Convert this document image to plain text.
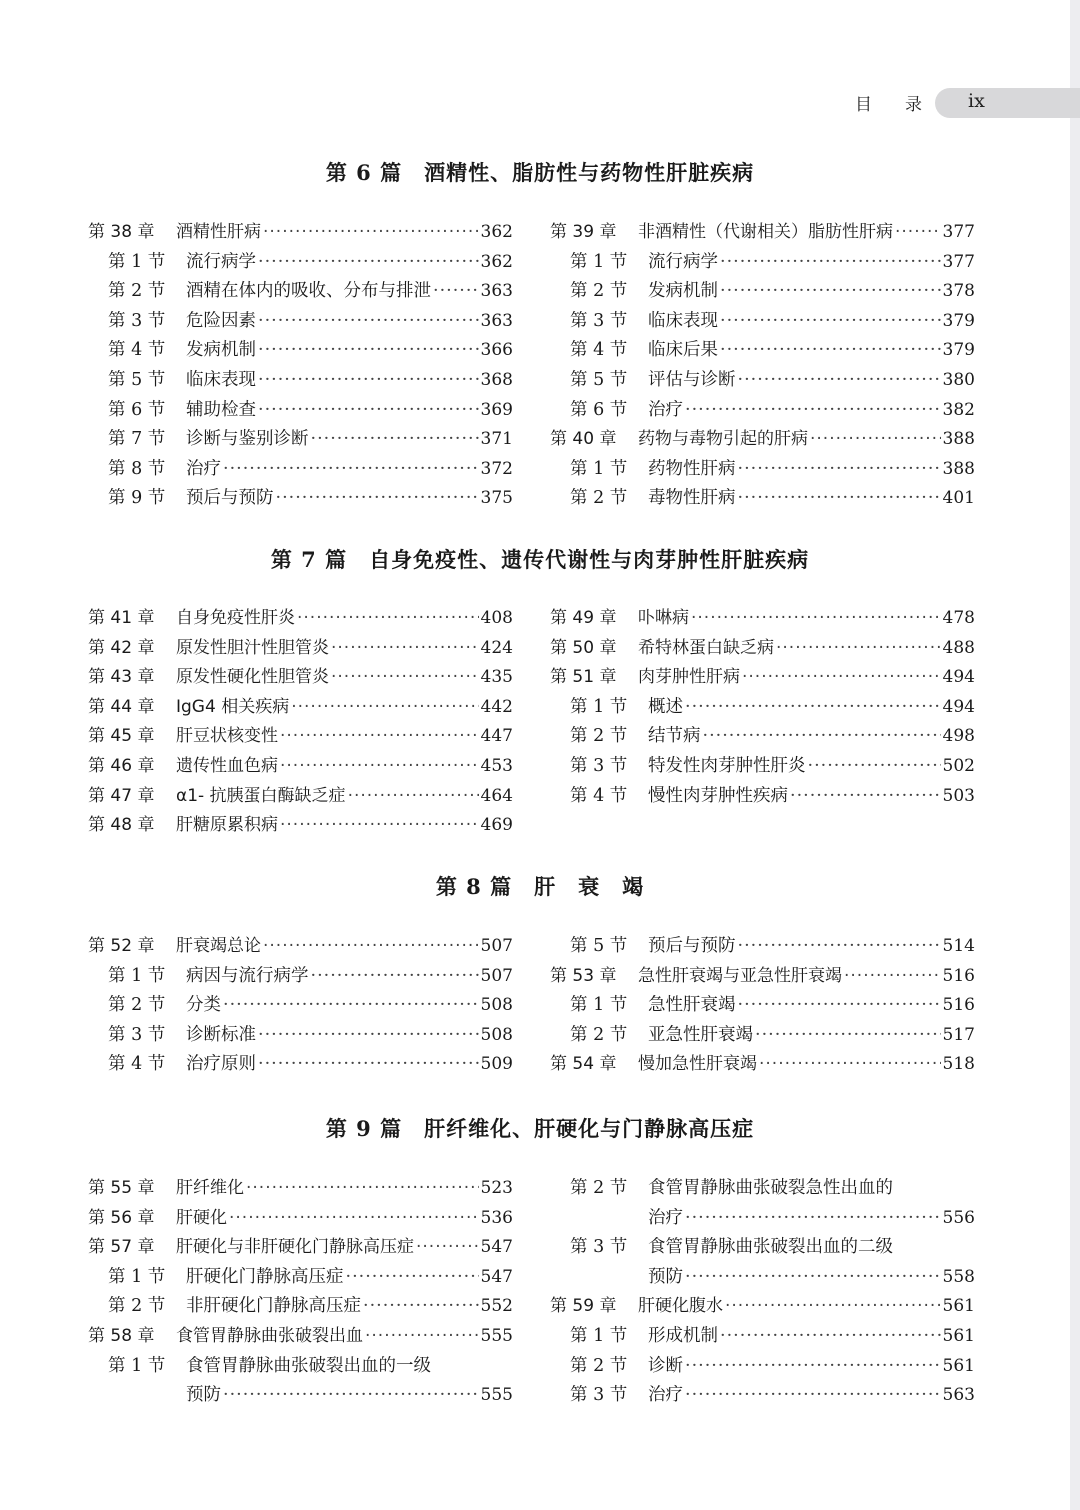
目 录 ix
第 6 篇　酒精性、脂肪性与药物性肝脏疾病
第 38 章	酒精性肝病 ·····	362
第 1 节	流行病学 ·····	362
第 2 节	酒精在体内的吸收、分布与排泄 ·····	363
第 3 节	危险因素 ·····	363
第 4 节	发病机制 ·····	366
第 5 节	临床表现 ·····	368
第 6 节	辅助检查 ·····	369
第 7 节	诊断与鉴别诊断 ·····	371
第 8 节	治疗 ·····	372
第 9 节	预后与预防 ·····	375
第 39 章	非酒精性（代谢相关）脂肪性肝病 ·····	377
第 1 节	流行病学 ·····	377
第 2 节	发病机制 ·····	378
第 3 节	临床表现 ·····	379
第 4 节	临床后果 ·····	379
第 5 节	评估与诊断 ·····	380
第 6 节	治疗 ·····	382
第 40 章	药物与毒物引起的肝病 ·····	388
第 1 节	药物性肝病 ·····	388
第 2 节	毒物性肝病 ·····	401
第 7 篇　自身免疫性、遗传代谢性与肉芽肿性肝脏疾病
第 41 章	自身免疫性肝炎 ·····	408
第 42 章	原发性胆汁性胆管炎 ·····	424
第 43 章	原发性硬化性胆管炎 ·····	435
第 44 章	IgG4 相关疾病 ·····	442
第 45 章	肝豆状核变性 ·····	447
第 46 章	遗传性血色病 ·····	453
第 47 章	α1- 抗胰蛋白酶缺乏症 ·····	464
第 48 章	肝糖原累积病 ·····	469
第 49 章	卟啉病 ·····	478
第 50 章	希特林蛋白缺乏病 ·····	488
第 51 章	肉芽肿性肝病 ·····	494
第 1 节	概述 ·····	494
第 2 节	结节病 ·····	498
第 3 节	特发性肉芽肿性肝炎 ·····	502
第 4 节	慢性肉芽肿性疾病 ·····	503
第 8 篇　肝　衰　竭
第 52 章	肝衰竭总论 ·····	507
第 1 节	病因与流行病学 ·····	507
第 2 节	分类 ·····	508
第 3 节	诊断标准 ·····	508
第 4 节	治疗原则 ·····	509
第 5 节	预后与预防 ·····	514
第 53 章	急性肝衰竭与亚急性肝衰竭 ·····	516
第 1 节	急性肝衰竭 ·····	516
第 2 节	亚急性肝衰竭 ·····	517
第 54 章	慢加急性肝衰竭 ·····	518
第 9 篇　肝纤维化、肝硬化与门静脉高压症
第 55 章	肝纤维化 ·····	523
第 56 章	肝硬化 ·····	536
第 57 章	肝硬化与非肝硬化门静脉高压症 ·····	547
第 1 节	肝硬化门静脉高压症 ·····	547
第 2 节	非肝硬化门静脉高压症 ·····	552
第 58 章	食管胃静脉曲张破裂出血 ·····	555
第 1 节	食管胃静脉曲张破裂出血的一级
预防 ·····	555
第 2 节	食管胃静脉曲张破裂急性出血的
治疗 ·····	556
第 3 节	食管胃静脉曲张破裂出血的二级
预防 ·····	558
第 59 章	肝硬化腹水 ·····	561
第 1 节	形成机制 ·····	561
第 2 节	诊断 ·····	561
第 3 节	治疗 ·····	563
